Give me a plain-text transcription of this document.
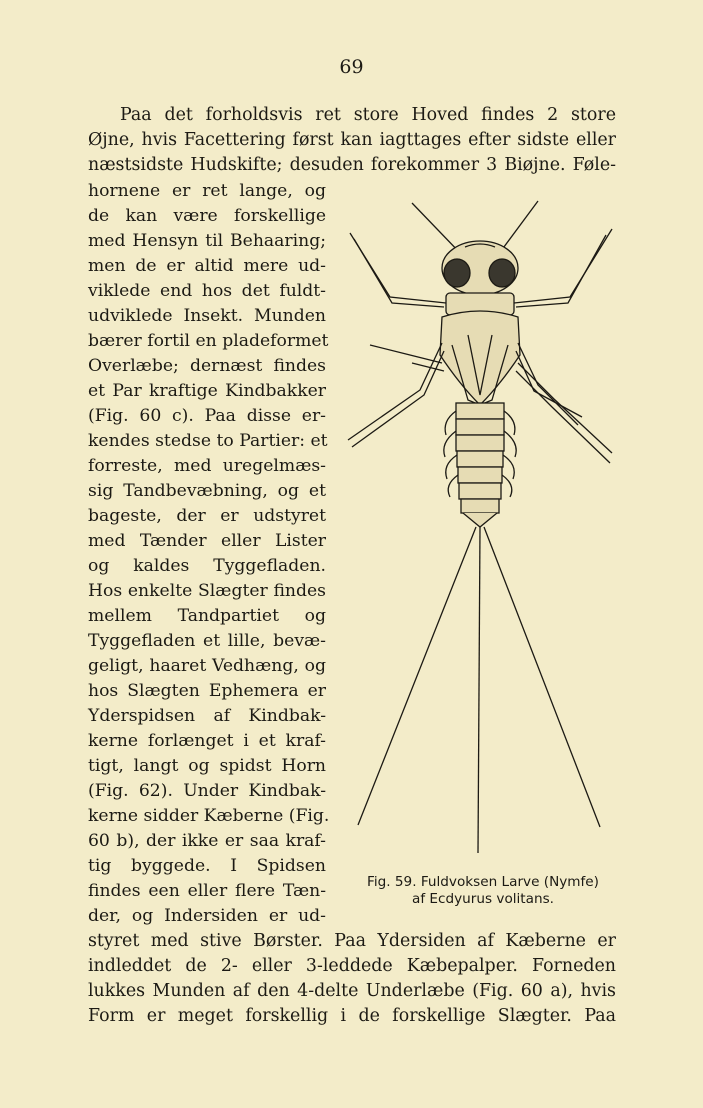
69
Paa det forholdsvis ret store Hoved findes 2 store
Øjne, hvis Facettering først kan iagttages efter sidste eller
næstsidste Hudskifte; desuden forekommer 3 Biøjne. Føle-
hornene er ret lange, og
de kan være forskellige
med Hensyn til Behaaring;
men de er altid mere ud-
viklede end hos det fuldt-
udviklede Insekt. Munden
bærer fortil en pladeformet
Overlæbe; dernæst findes
et Par kraftige Kindbakker
(Fig. 60 c). Paa disse er-
kendes stedse to Partier: et
forreste, med uregelmæs-
sig Tandbevæbning, og et
bageste, der er udstyret
med Tænder eller Lister
og kaldes Tyggefladen.
Hos enkelte Slægter findes
mellem Tandpartiet og
Tyggefladen et lille, bevæ-
geligt, haaret Vedhæng, og
hos Slægten Ephemera er
Yderspidsen af Kindbak-
kerne forlænget i et kraf-
tigt, langt og spidst Horn
(Fig. 62). Under Kindbak-
kerne sidder Kæberne (Fig.
60 b), der ikke er saa kraf-
tig byggede. I Spidsen
findes een eller flere Tæn-
der, og Indersiden er ud-
Fig. 59. Fuldvoksen Larve (Nymfe)
af Ecdyurus volitans.
styret med stive Børster. Paa Ydersiden af Kæberne er
indleddet de 2- eller 3-leddede Kæbepalper. Forneden
lukkes Munden af den 4-delte Underlæbe (Fig. 60 a), hvis
Form er meget forskellig i de forskellige Slægter. Paa
